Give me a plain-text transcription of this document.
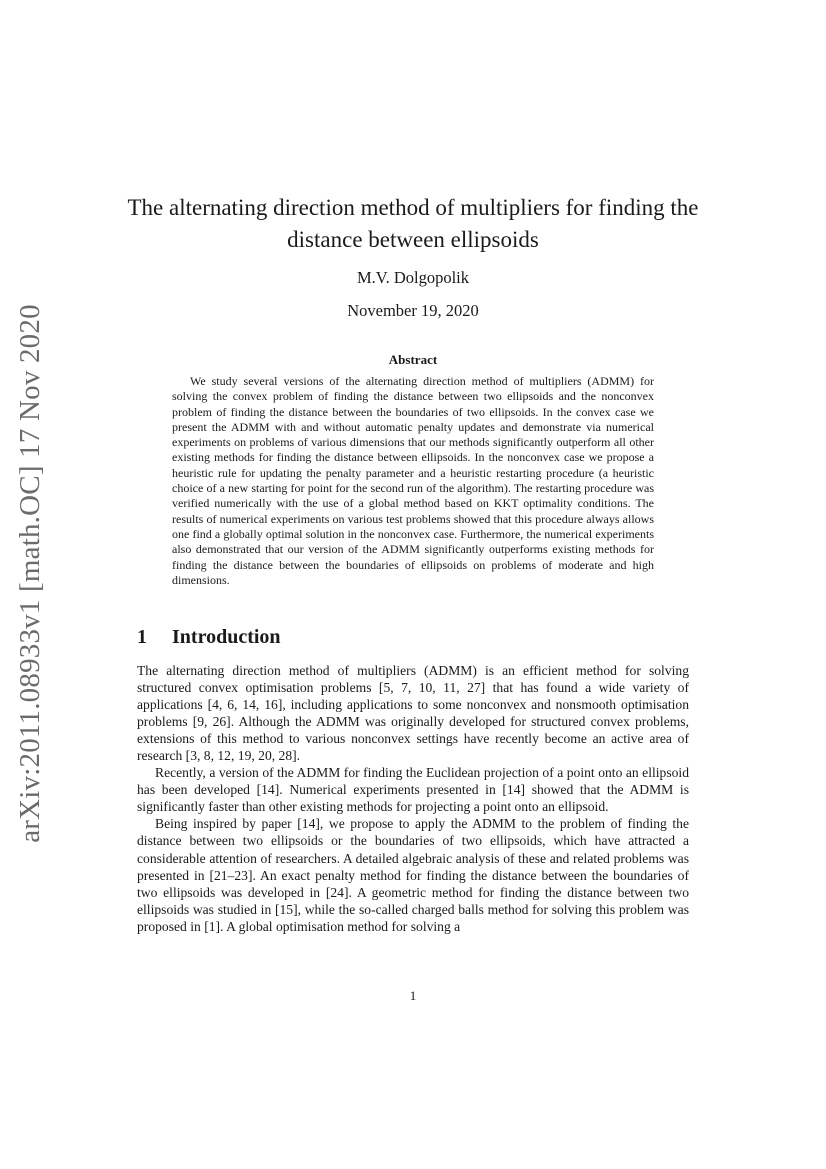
arXiv:2011.08933v1 [math.OC] 17 Nov 2020
The alternating direction method of multipliers for finding the distance between ellipsoids
M.V. Dolgopolik
November 19, 2020
Abstract

We study several versions of the alternating direction method of multipliers (ADMM) for solving the convex problem of finding the distance between two ellipsoids and the nonconvex problem of finding the distance between the boundaries of two ellipsoids. In the convex case we present the ADMM with and without automatic penalty updates and demonstrate via numerical experiments on problems of various dimensions that our methods significantly outperform all other existing methods for finding the distance between ellipsoids. In the nonconvex case we propose a heuristic rule for updating the penalty parameter and a heuristic restarting procedure (a heuristic choice of a new starting for point for the second run of the algorithm). The restarting procedure was verified numerically with the use of a global method based on KKT optimality conditions. The results of numerical experiments on various test problems showed that this procedure always allows one find a globally optimal solution in the nonconvex case. Furthermore, the numerical experiments also demonstrated that our version of the ADMM significantly outperforms existing methods for finding the distance between the boundaries of ellipsoids on problems of moderate and high dimensions.

1 Introduction

The alternating direction method of multipliers (ADMM) is an efficient method for solving structured convex optimisation problems [5, 7, 10, 11, 27] that has found a wide variety of applications [4, 6, 14, 16], including applications to some nonconvex and nonsmooth optimisation problems [9, 26]. Although the ADMM was originally developed for structured convex problems, extensions of this method to various nonconvex settings have recently become an active area of research [3, 8, 12, 19, 20, 28].

Recently, a version of the ADMM for finding the Euclidean projection of a point onto an ellipsoid has been developed [14]. Numerical experiments presented in [14] showed that the ADMM is significantly faster than other existing methods for projecting a point onto an ellipsoid.

Being inspired by paper [14], we propose to apply the ADMM to the problem of finding the distance between two ellipsoids or the boundaries of two ellipsoids, which have attracted a considerable attention of researchers. A detailed algebraic analysis of these and related problems was presented in [21–23]. An exact penalty method for finding the distance between the boundaries of two ellipsoids was developed in [24]. A geometric method for finding the distance between two ellipsoids was studied in [15], while the so-called charged balls method for solving this problem was proposed in [1]. A global optimisation method for solving a

1
